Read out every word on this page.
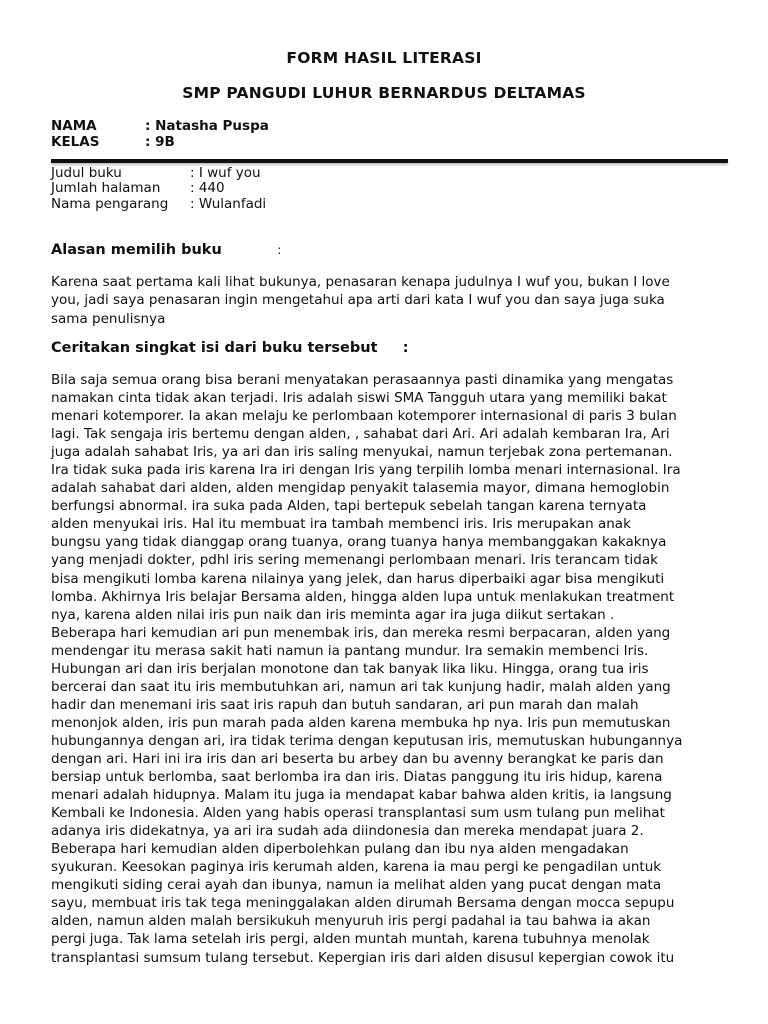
FORM HASIL LITERASI
SMP PANGUDI LUHUR BERNARDUS DELTAMAS
NAMA	: Natasha Puspa
KELAS	: 9B
Judul buku	: I wuf you
Jumlah halaman : 440
Nama pengarang : Wulanfadi
Alasan memilih buku	:
Karena saat pertama kali lihat bukunya, penasaran kenapa judulnya I wuf you, bukan I love
you, jadi saya penasaran ingin mengetahui apa arti dari kata I wuf you dan saya juga suka
sama penulisnya
Ceritakan singkat isi dari buku tersebut :
Bila saja semua orang bisa berani menyatakan perasaannya pasti dinamika yang mengatas
namakan cinta tidak akan terjadi. Iris adalah siswi SMA Tangguh utara yang memiliki bakat
menari kotemporer. Ia akan melaju ke perlombaan kotemporer internasional di paris 3 bulan
lagi. Tak sengaja iris bertemu dengan alden, , sahabat dari Ari. Ari adalah kembaran Ira, Ari
juga adalah sahabat Iris, ya ari dan iris saling menyukai, namun terjebak zona pertemanan.
Ira tidak suka pada iris karena Ira iri dengan Iris yang terpilih lomba menari internasional. Ira
adalah sahabat dari alden, alden mengidap penyakit talasemia mayor, dimana hemoglobin
berfungsi abnormal. ira suka pada Alden, tapi bertepuk sebelah tangan karena ternyata
alden menyukai iris. Hal itu membuat ira tambah membenci iris. Iris merupakan anak
bungsu yang tidak dianggap orang tuanya, orang tuanya hanya membanggakan kakaknya
yang menjadi dokter, pdhl iris sering memenangi perlombaan menari. Iris terancam tidak
bisa mengikuti lomba karena nilainya yang jelek, dan harus diperbaiki agar bisa mengikuti
lomba. Akhirnya Iris belajar Bersama alden, hingga alden lupa untuk menlakukan treatment
nya, karena alden nilai iris pun naik dan iris meminta agar ira juga diikut sertakan .
Beberapa hari kemudian ari pun menembak iris, dan mereka resmi berpacaran, alden yang
mendengar itu merasa sakit hati namun ia pantang mundur. Ira semakin membenci Iris.
Hubungan ari dan iris berjalan monotone dan tak banyak lika liku. Hingga, orang tua iris
bercerai dan saat itu iris membutuhkan ari, namun ari tak kunjung hadir, malah alden yang
hadir dan menemani iris saat iris rapuh dan butuh sandaran, ari pun marah dan malah
menonjok alden, iris pun marah pada alden karena membuka hp nya. Iris pun memutuskan
hubungannya dengan ari, ira tidak terima dengan keputusan iris, memutuskan hubungannya
dengan ari. Hari ini ira iris dan ari beserta bu arbey dan bu avenny berangkat ke paris dan
bersiap untuk berlomba, saat berlomba ira dan iris. Diatas panggung itu iris hidup, karena
menari adalah hidupnya. Malam itu juga ia mendapat kabar bahwa alden kritis, ia langsung
Kembali ke Indonesia. Alden yang habis operasi transplantasi sum usm tulang pun melihat
adanya iris didekatnya, ya ari ira sudah ada diindonesia dan mereka mendapat juara 2.
Beberapa hari kemudian alden diperbolehkan pulang dan ibu nya alden mengadakan
syukuran. Keesokan paginya iris kerumah alden, karena ia mau pergi ke pengadilan untuk
mengikuti siding cerai ayah dan ibunya, namun ia melihat alden yang pucat dengan mata
sayu, membuat iris tak tega meninggalakan alden dirumah Bersama dengan mocca sepupu
alden, namun alden malah bersikukuh menyuruh iris pergi padahal ia tau bahwa ia akan
pergi juga. Tak lama setelah iris pergi, alden muntah muntah, karena tubuhnya menolak
transplantasi sumsum tulang tersebut. Kepergian iris dari alden disusul kepergian cowok itu
